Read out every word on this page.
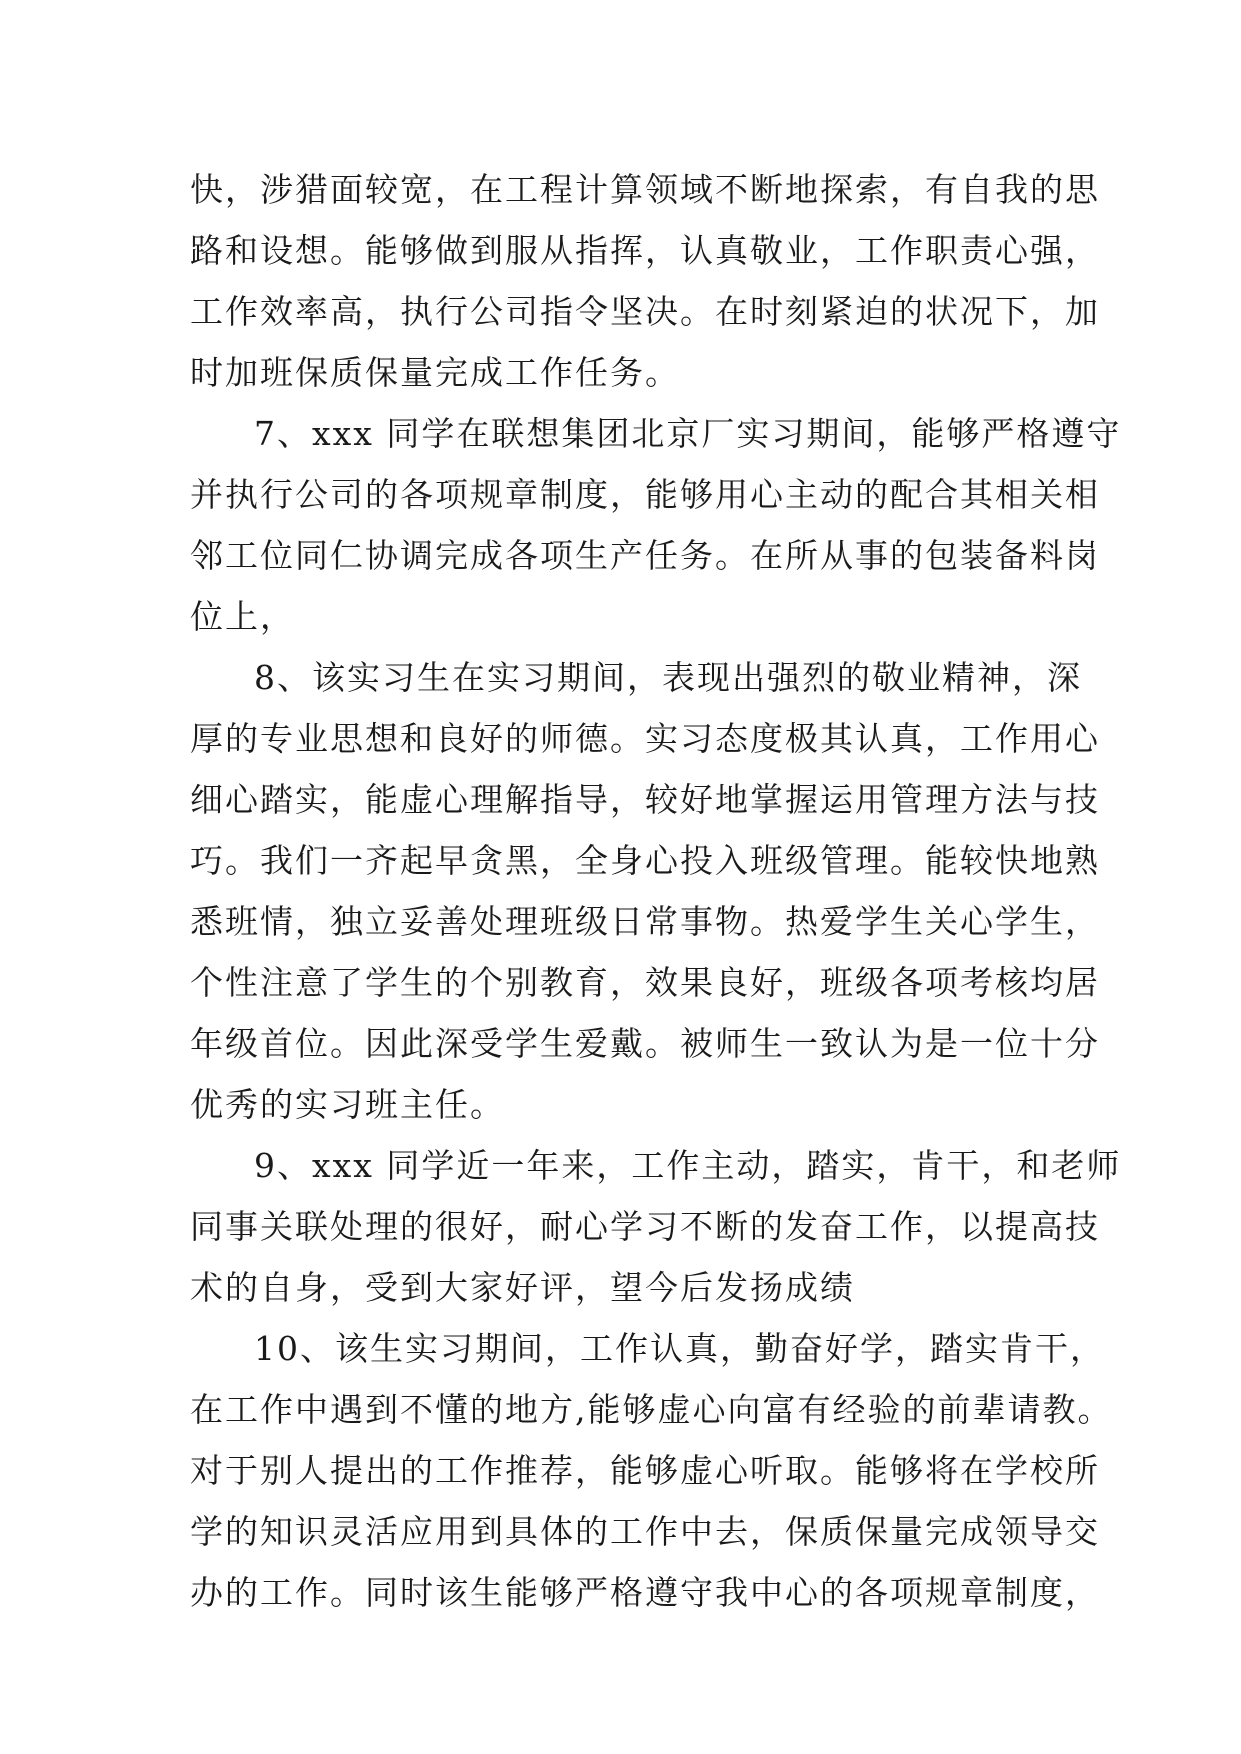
快，涉猎面较宽，在工程计算领域不断地探索，有自我的思
路和设想。能够做到服从指挥，认真敬业，工作职责心强，
工作效率高，执行公司指令坚决。在时刻紧迫的状况下，加
时加班保质保量完成工作任务。
7、xxx 同学在联想集团北京厂实习期间，能够严格遵守
并执行公司的各项规章制度，能够用心主动的配合其相关相
邻工位同仁协调完成各项生产任务。在所从事的包装备料岗
位上，
8、该实习生在实习期间，表现出强烈的敬业精神，深
厚的专业思想和良好的师德。实习态度极其认真，工作用心
细心踏实，能虚心理解指导，较好地掌握运用管理方法与技
巧。我们一齐起早贪黑，全身心投入班级管理。能较快地熟
悉班情，独立妥善处理班级日常事物。热爱学生关心学生，
个性注意了学生的个别教育，效果良好，班级各项考核均居
年级首位。因此深受学生爱戴。被师生一致认为是一位十分
优秀的实习班主任。
9、xxx 同学近一年来，工作主动，踏实，肯干，和老师
同事关联处理的很好，耐心学习不断的发奋工作，以提高技
术的自身，受到大家好评，望今后发扬成绩
10、该生实习期间，工作认真，勤奋好学，踏实肯干，
在工作中遇到不懂的地方,能够虚心向富有经验的前辈请教。
对于别人提出的工作推荐，能够虚心听取。能够将在学校所
学的知识灵活应用到具体的工作中去，保质保量完成领导交
办的工作。同时该生能够严格遵守我中心的各项规章制度，
